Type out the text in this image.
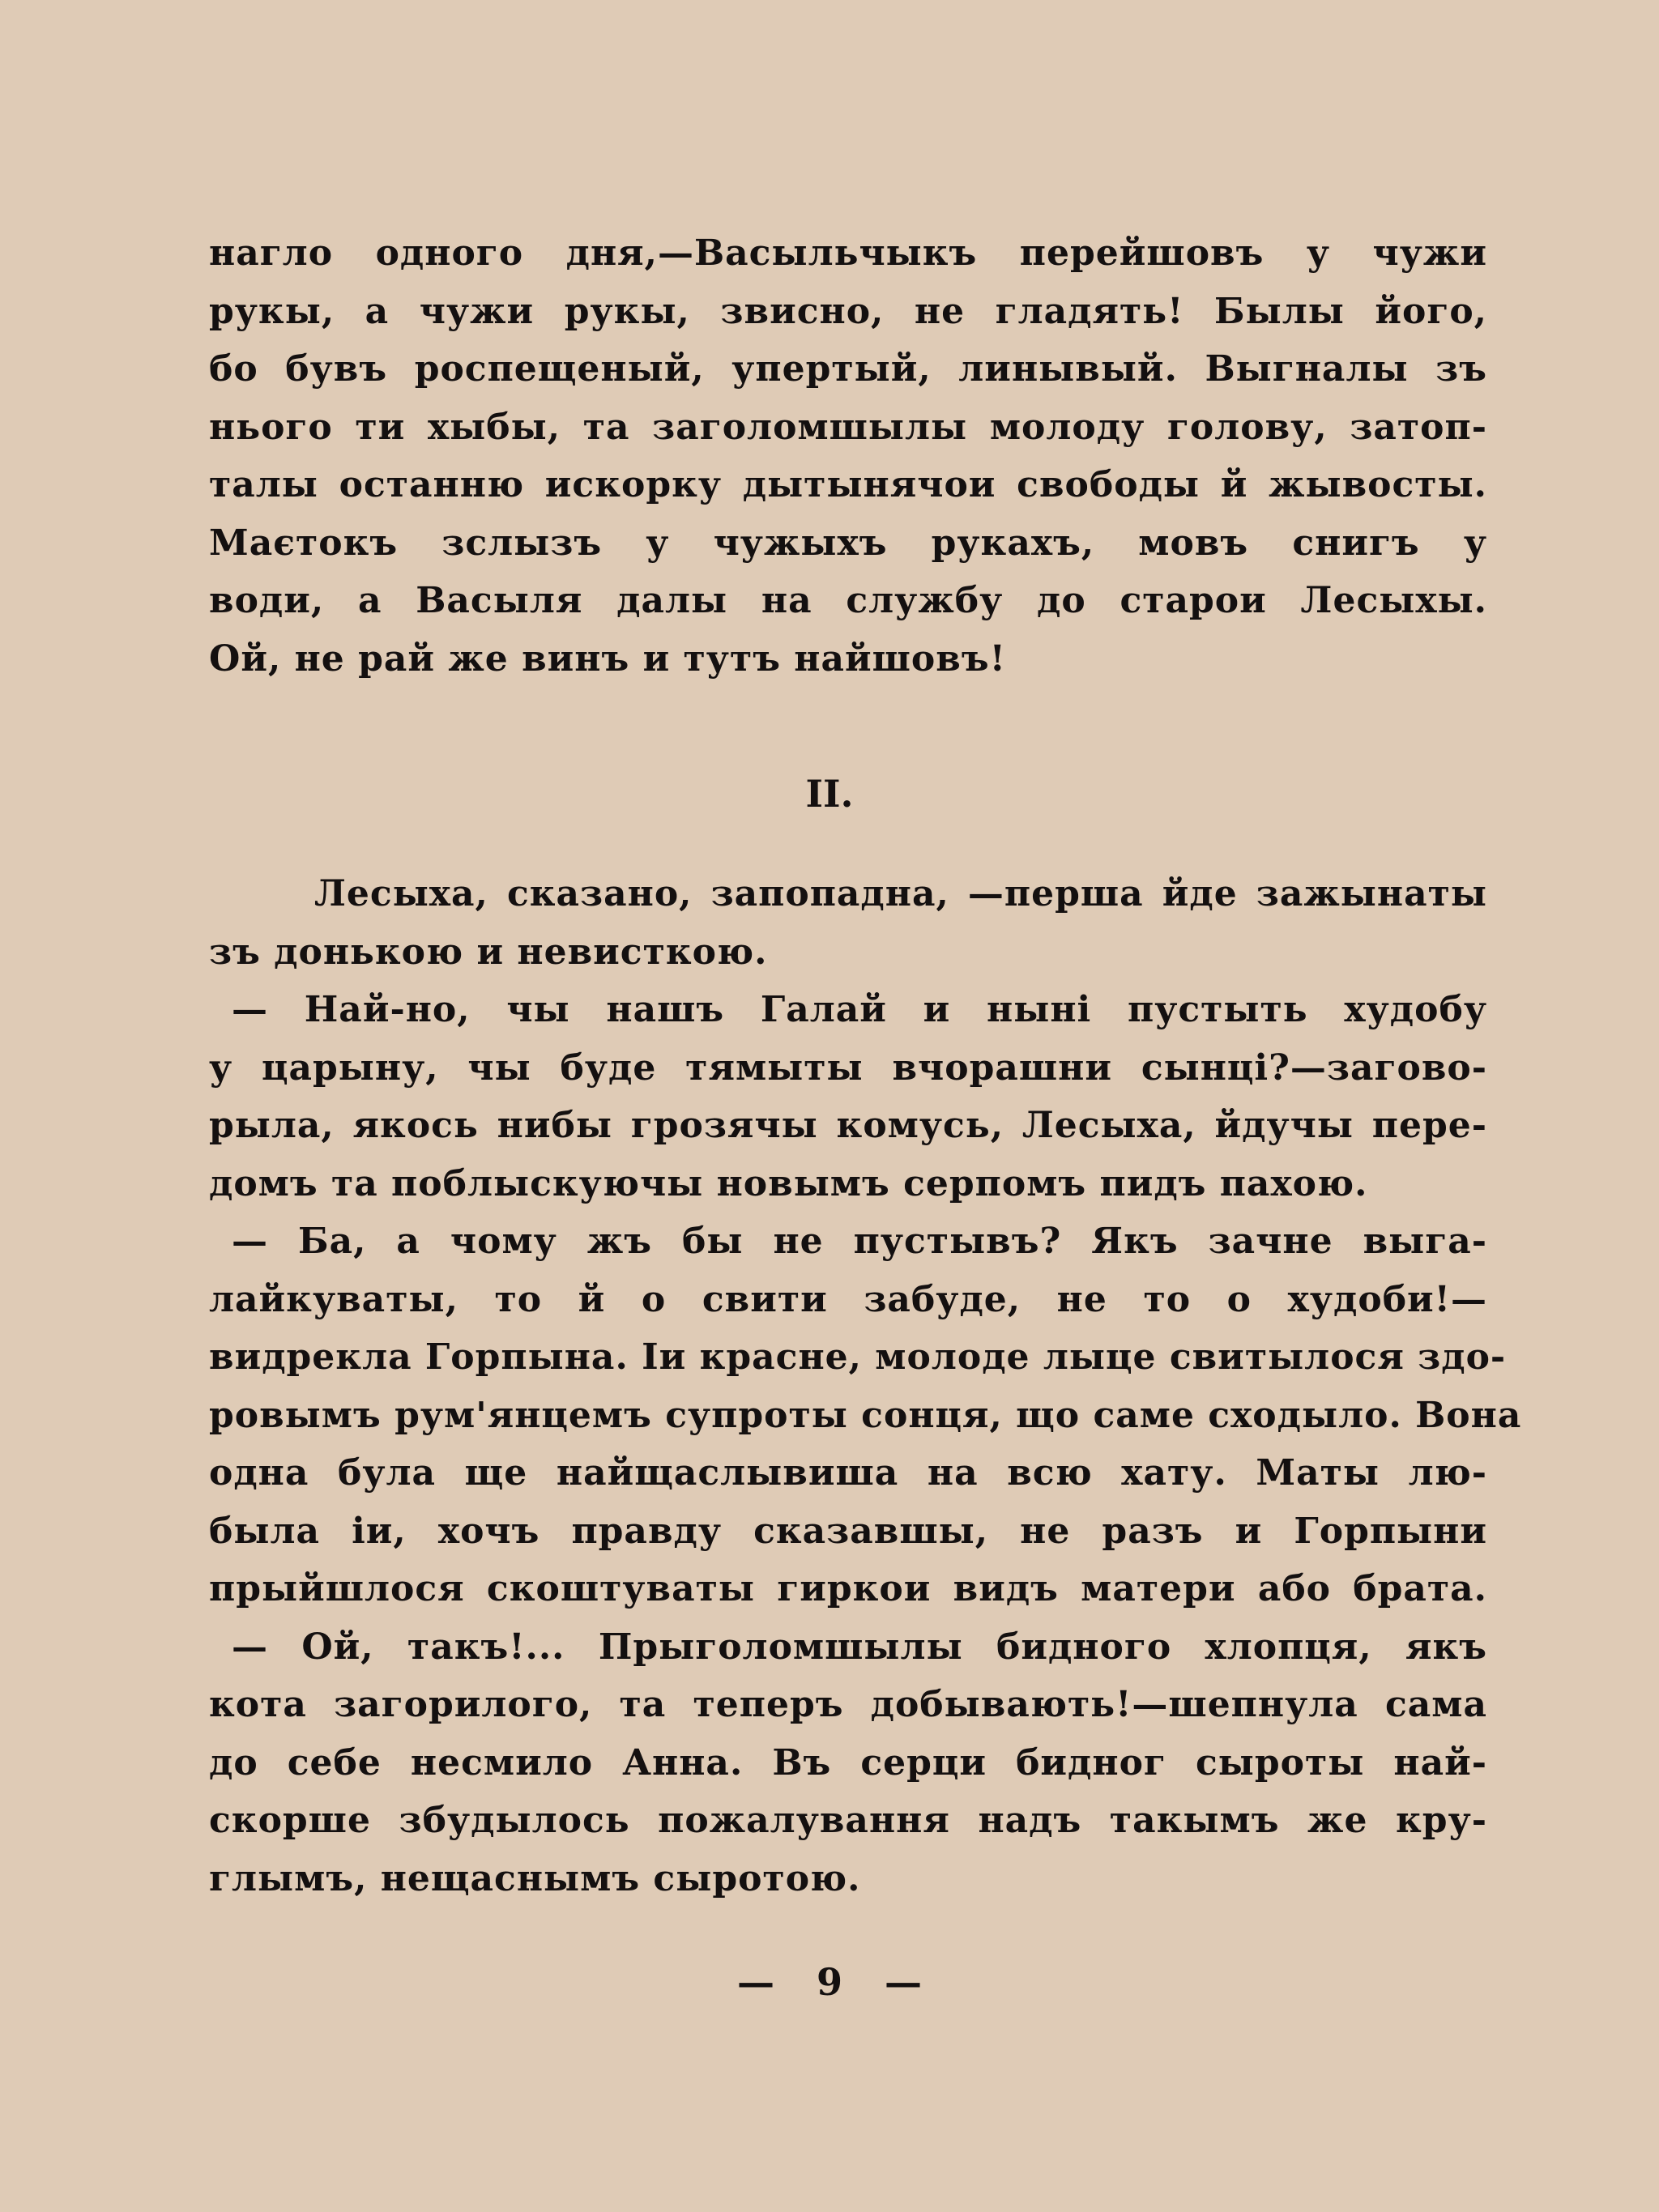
нагло одного дня,—Васыльчыкъ перейшовъ у чужи
рукы, а чужи рукы, звисно, не гладять! Былы його,
бо бувъ роспещеный, упертый, линывый. Выгналы зъ
нього ти хыбы, та заголомшылы молоду голову, затоп-
талы останню искорку дытынячои свободы й жывосты.
Маєтокъ зслызъ у чужыхъ рукахъ, мовъ снигъ у
води, а Васыля далы на службу до старои Лесыхы.
Ой, не рай же винъ и тутъ найшовъ!
II.
Лесыха, сказано, запопадна, —перша йде зажынаты
зъ донькою и невисткою.
— Най-но, чы нашъ Галай и нынi пустыть худобу
у царыну, чы буде тямыты вчорашни сынцi?—загово-
рыла, якось нибы грозячы комусь, Лесыха, йдучы пере-
домъ та поблыскуючы новымъ серпомъ пидъ пахою.
— Ба, а чому жъ бы не пустывъ? Якъ зачне выга-
лайкуваты, то й о свити забуде, не то о худоби!—
видрекла Горпына. Іи красне, молоде лыце свитылося здо-
ровымъ рум'янцемъ супроты сонця, що саме сходыло. Вона
одна була ще найщаслывиша на всю хату. Маты лю-
была іи, хочъ правду сказавшы, не разъ и Горпыни
прыйшлося скоштуваты гиркои видъ матери або брата.
— Ой, такъ!... Прыголомшылы бидного хлопця, якъ
кота загорилого, та теперъ добывають!—шепнула сама
до себе несмило Анна. Въ серци бидног сыроты най-
скорше збудылось пожалування надъ такымъ же кру-
глымъ, нещаснымъ сыротою.
— 9 —
